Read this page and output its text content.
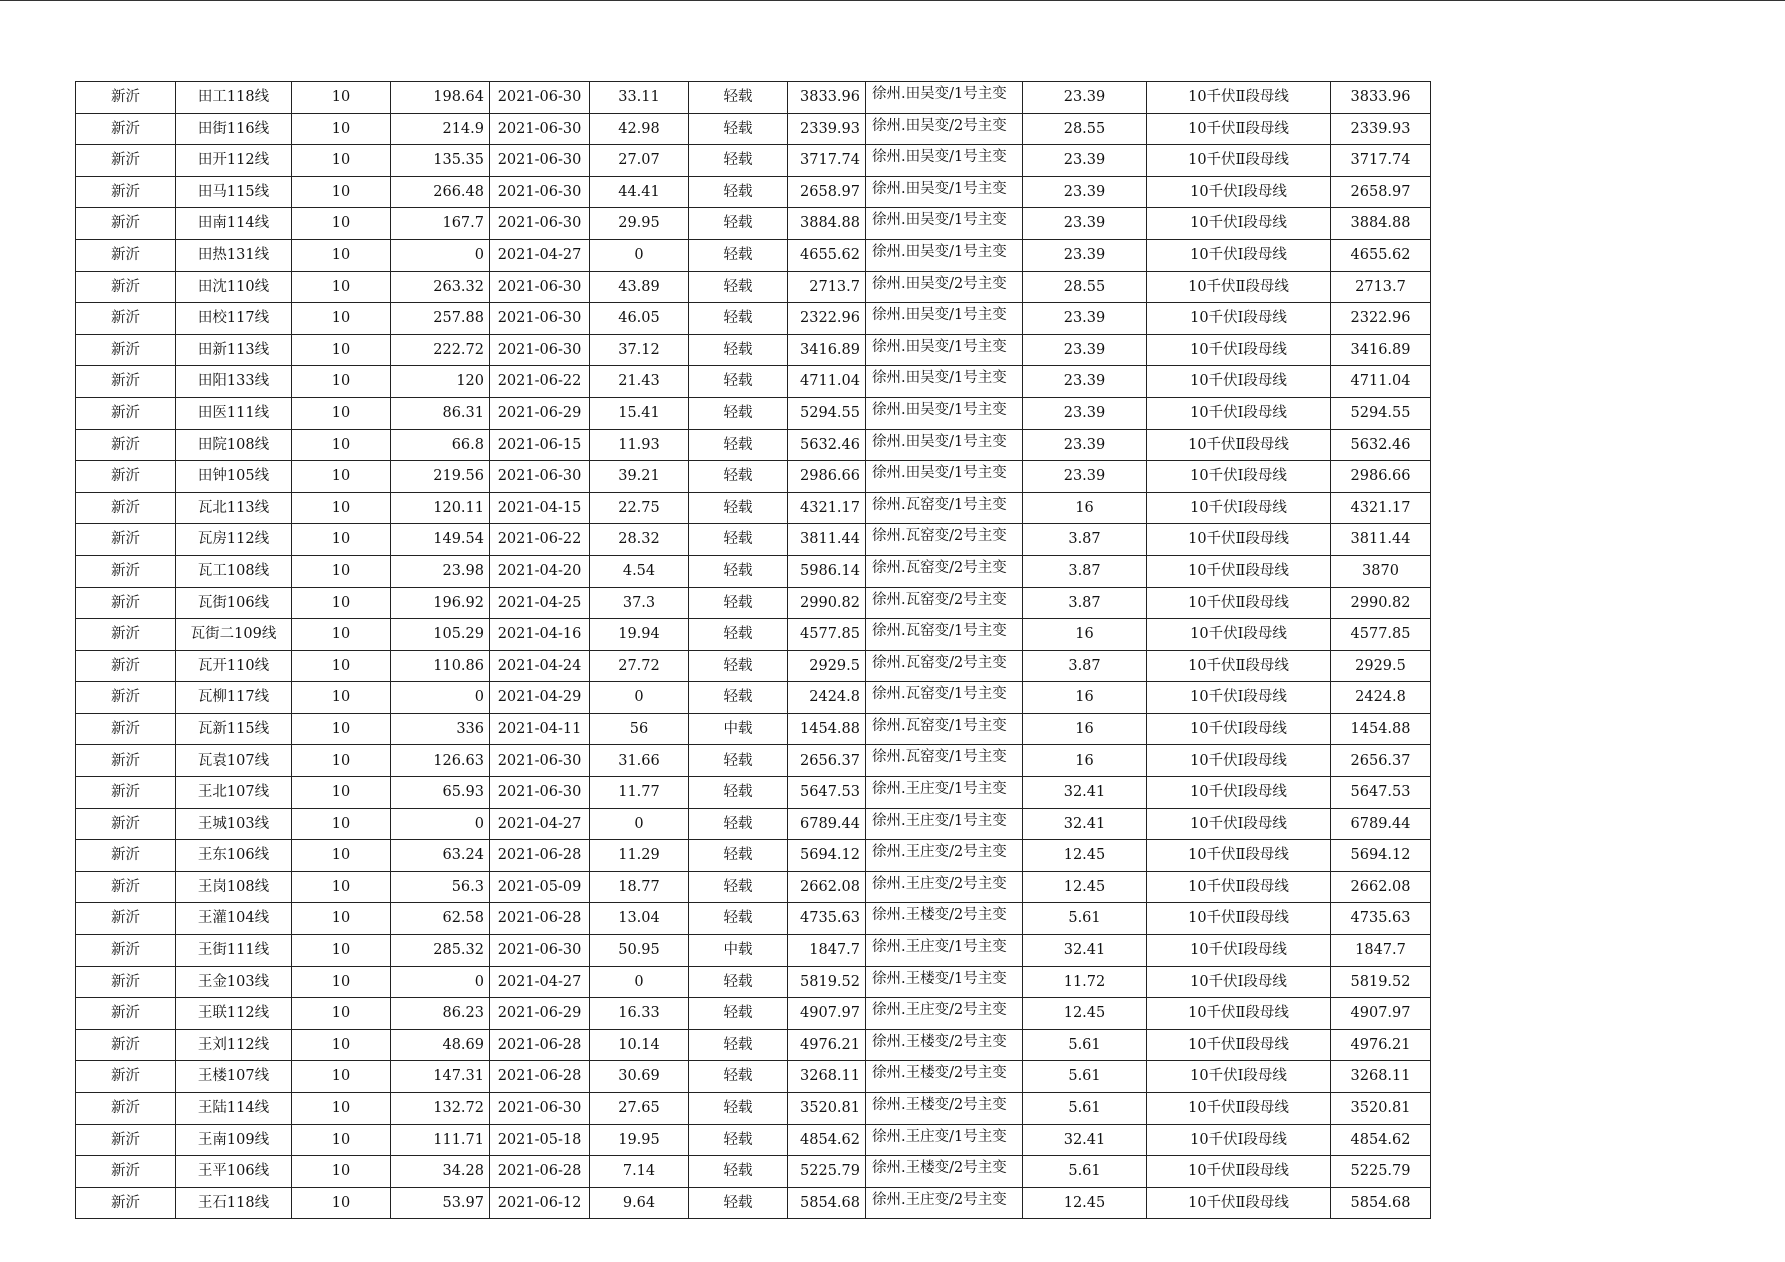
新沂	田工118线	10	198.64	2021-06-30	33.11	轻载	3833.96	徐州.田吴变/1号主变	23.39	10千伏Ⅱ段母线	3833.96
新沂	田街116线	10	214.9	2021-06-30	42.98	轻载	2339.93	徐州.田吴变/2号主变	28.55	10千伏Ⅱ段母线	2339.93
新沂	田开112线	10	135.35	2021-06-30	27.07	轻载	3717.74	徐州.田吴变/1号主变	23.39	10千伏Ⅱ段母线	3717.74
新沂	田马115线	10	266.48	2021-06-30	44.41	轻载	2658.97	徐州.田吴变/1号主变	23.39	10千伏Ⅰ段母线	2658.97
新沂	田南114线	10	167.7	2021-06-30	29.95	轻载	3884.88	徐州.田吴变/1号主变	23.39	10千伏Ⅰ段母线	3884.88
新沂	田热131线	10	0	2021-04-27	0	轻载	4655.62	徐州.田吴变/1号主变	23.39	10千伏Ⅰ段母线	4655.62
新沂	田沈110线	10	263.32	2021-06-30	43.89	轻载	2713.7	徐州.田吴变/2号主变	28.55	10千伏Ⅱ段母线	2713.7
新沂	田校117线	10	257.88	2021-06-30	46.05	轻载	2322.96	徐州.田吴变/1号主变	23.39	10千伏Ⅰ段母线	2322.96
新沂	田新113线	10	222.72	2021-06-30	37.12	轻载	3416.89	徐州.田吴变/1号主变	23.39	10千伏Ⅰ段母线	3416.89
新沂	田阳133线	10	120	2021-06-22	21.43	轻载	4711.04	徐州.田吴变/1号主变	23.39	10千伏Ⅰ段母线	4711.04
新沂	田医111线	10	86.31	2021-06-29	15.41	轻载	5294.55	徐州.田吴变/1号主变	23.39	10千伏Ⅰ段母线	5294.55
新沂	田院108线	10	66.8	2021-06-15	11.93	轻载	5632.46	徐州.田吴变/1号主变	23.39	10千伏Ⅱ段母线	5632.46
新沂	田钟105线	10	219.56	2021-06-30	39.21	轻载	2986.66	徐州.田吴变/1号主变	23.39	10千伏Ⅰ段母线	2986.66
新沂	瓦北113线	10	120.11	2021-04-15	22.75	轻载	4321.17	徐州.瓦窑变/1号主变	16	10千伏Ⅰ段母线	4321.17
新沂	瓦房112线	10	149.54	2021-06-22	28.32	轻载	3811.44	徐州.瓦窑变/2号主变	3.87	10千伏Ⅱ段母线	3811.44
新沂	瓦工108线	10	23.98	2021-04-20	4.54	轻载	5986.14	徐州.瓦窑变/2号主变	3.87	10千伏Ⅱ段母线	3870
新沂	瓦街106线	10	196.92	2021-04-25	37.3	轻载	2990.82	徐州.瓦窑变/2号主变	3.87	10千伏Ⅱ段母线	2990.82
新沂	瓦街二109线	10	105.29	2021-04-16	19.94	轻载	4577.85	徐州.瓦窑变/1号主变	16	10千伏Ⅰ段母线	4577.85
新沂	瓦开110线	10	110.86	2021-04-24	27.72	轻载	2929.5	徐州.瓦窑变/2号主变	3.87	10千伏Ⅱ段母线	2929.5
新沂	瓦柳117线	10	0	2021-04-29	0	轻载	2424.8	徐州.瓦窑变/1号主变	16	10千伏Ⅰ段母线	2424.8
新沂	瓦新115线	10	336	2021-04-11	56	中载	1454.88	徐州.瓦窑变/1号主变	16	10千伏Ⅰ段母线	1454.88
新沂	瓦袁107线	10	126.63	2021-06-30	31.66	轻载	2656.37	徐州.瓦窑变/1号主变	16	10千伏Ⅰ段母线	2656.37
新沂	王北107线	10	65.93	2021-06-30	11.77	轻载	5647.53	徐州.王庄变/1号主变	32.41	10千伏Ⅰ段母线	5647.53
新沂	王城103线	10	0	2021-04-27	0	轻载	6789.44	徐州.王庄变/1号主变	32.41	10千伏Ⅰ段母线	6789.44
新沂	王东106线	10	63.24	2021-06-28	11.29	轻载	5694.12	徐州.王庄变/2号主变	12.45	10千伏Ⅱ段母线	5694.12
新沂	王岗108线	10	56.3	2021-05-09	18.77	轻载	2662.08	徐州.王庄变/2号主变	12.45	10千伏Ⅱ段母线	2662.08
新沂	王灌104线	10	62.58	2021-06-28	13.04	轻载	4735.63	徐州.王楼变/2号主变	5.61	10千伏Ⅱ段母线	4735.63
新沂	王街111线	10	285.32	2021-06-30	50.95	中载	1847.7	徐州.王庄变/1号主变	32.41	10千伏Ⅰ段母线	1847.7
新沂	王金103线	10	0	2021-04-27	0	轻载	5819.52	徐州.王楼变/1号主变	11.72	10千伏Ⅰ段母线	5819.52
新沂	王联112线	10	86.23	2021-06-29	16.33	轻载	4907.97	徐州.王庄变/2号主变	12.45	10千伏Ⅱ段母线	4907.97
新沂	王刘112线	10	48.69	2021-06-28	10.14	轻载	4976.21	徐州.王楼变/2号主变	5.61	10千伏Ⅱ段母线	4976.21
新沂	王楼107线	10	147.31	2021-06-28	30.69	轻载	3268.11	徐州.王楼变/2号主变	5.61	10千伏Ⅰ段母线	3268.11
新沂	王陆114线	10	132.72	2021-06-30	27.65	轻载	3520.81	徐州.王楼变/2号主变	5.61	10千伏Ⅱ段母线	3520.81
新沂	王南109线	10	111.71	2021-05-18	19.95	轻载	4854.62	徐州.王庄变/1号主变	32.41	10千伏Ⅰ段母线	4854.62
新沂	王平106线	10	34.28	2021-06-28	7.14	轻载	5225.79	徐州.王楼变/2号主变	5.61	10千伏Ⅱ段母线	5225.79
新沂	王石118线	10	53.97	2021-06-12	9.64	轻载	5854.68	徐州.王庄变/2号主变	12.45	10千伏Ⅱ段母线	5854.68
